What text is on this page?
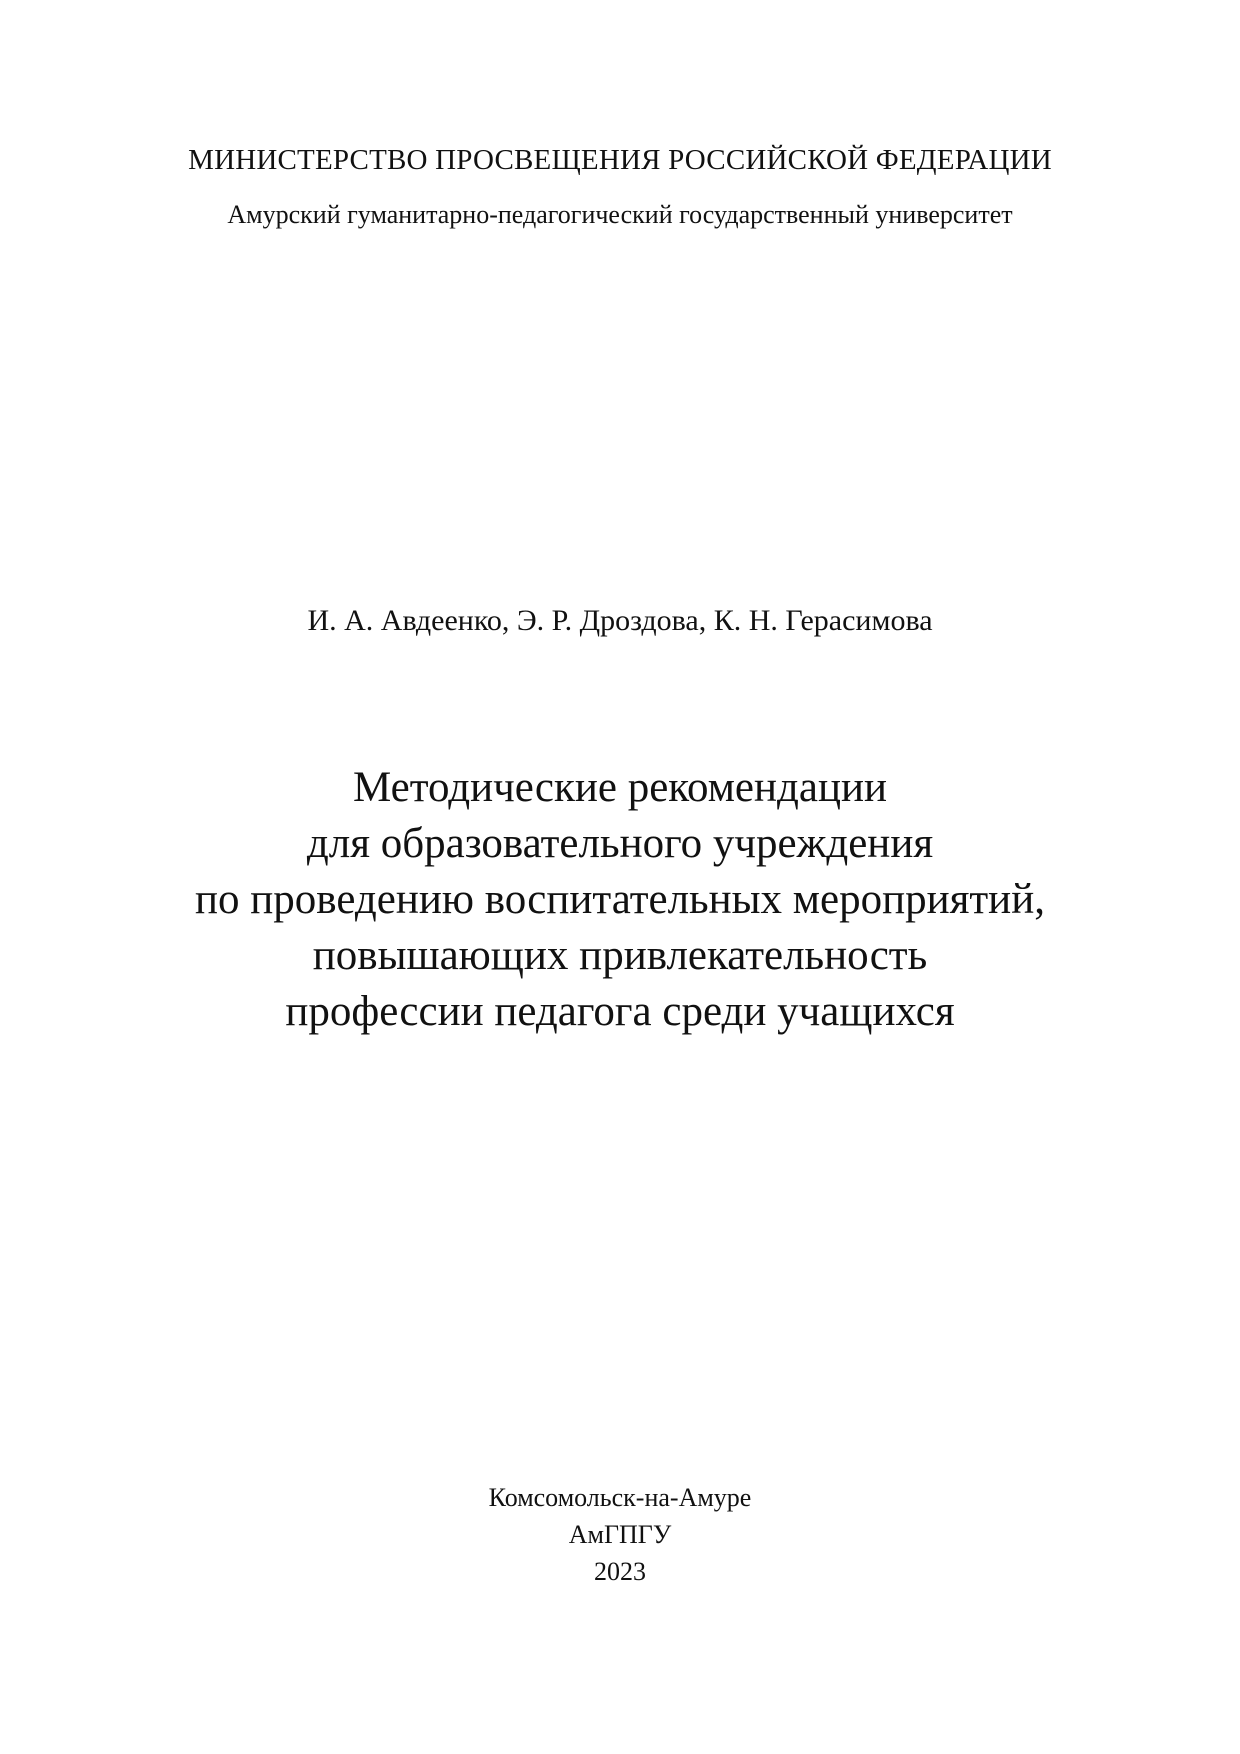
МИНИСТЕРСТВО ПРОСВЕЩЕНИЯ РОССИЙСКОЙ ФЕДЕРАЦИИ
Амурский гуманитарно-педагогический государственный университет
И. А. Авдеенко, Э. Р. Дроздова, К. Н. Герасимова
Методические рекомендации
для образовательного учреждения
по проведению воспитательных мероприятий,
повышающих привлекательность
профессии педагога среди учащихся
Комсомольск-на-Амуре
АмГПГУ
2023
